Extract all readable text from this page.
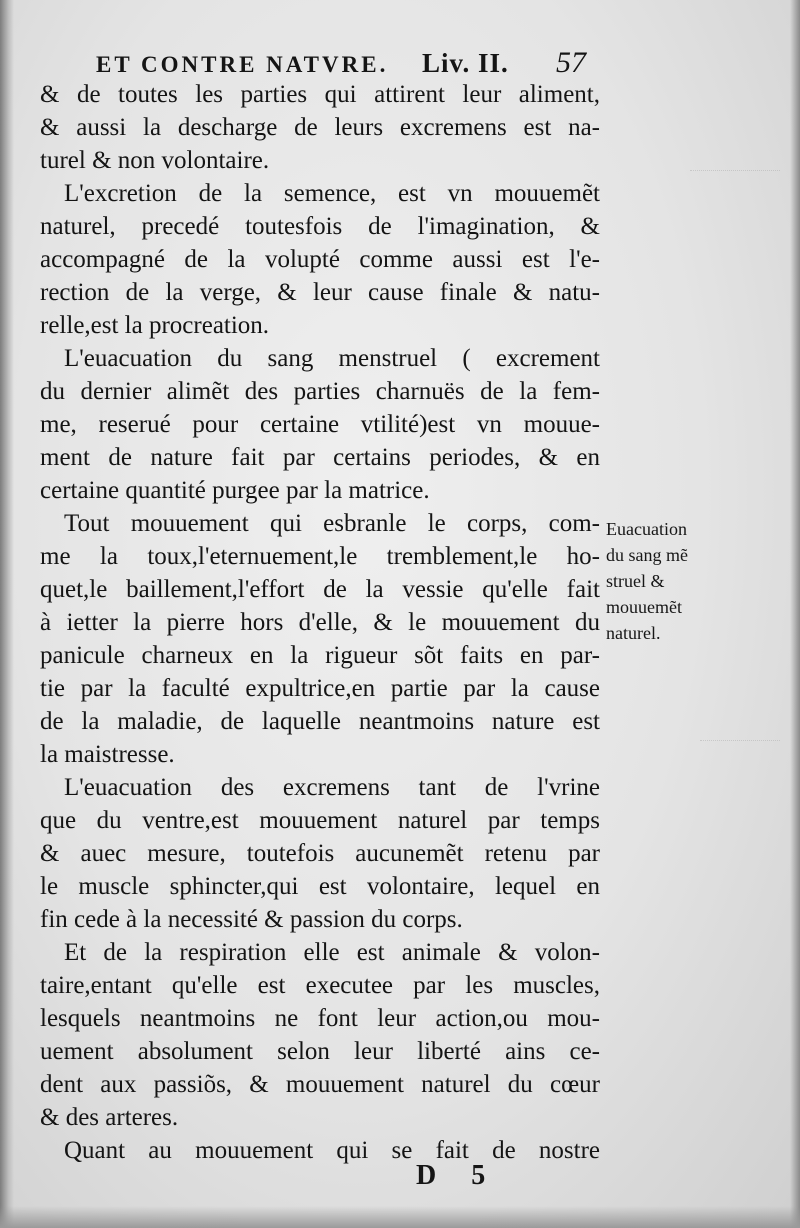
ET CONTRE NATVRE. Liv. II. 57
& de toutes les parties qui attirent leur aliment,
& aussi la descharge de leurs excremens est na-
turel & non volontaire.
L'excretion de la semence, est vn mouuemẽt
naturel, precedé toutesfois de l'imagination, &
accompagné de la volupté comme aussi est l'e-
rection de la verge, & leur cause finale & natu-
relle,est la procreation.
L'euacuation du sang menstruel ( excrement
du dernier alimẽt des parties charnuës de la fem-
me, reserué pour certaine vtilité)est vn mouue-
ment de nature fait par certains periodes, & en
certaine quantité purgee par la matrice.
Tout mouuement qui esbranle le corps, com-
me la toux,l'eternuement,le tremblement,le ho-
quet,le baillement,l'effort de la vessie qu'elle fait
à ietter la pierre hors d'elle, & le mouuement du
panicule charneux en la rigueur sõt faits en par-
tie par la faculté expultrice,en partie par la cause
de la maladie, de laquelle neantmoins nature est
la maistresse.
L'euacuation des excremens tant de l'vrine
que du ventre,est mouuement naturel par temps
& auec mesure, toutefois aucunemẽt retenu par
le muscle sphincter,qui est volontaire, lequel en
fin cede à la necessité & passion du corps.
Et de la respiration elle est animale & volon-
taire,entant qu'elle est executee par les muscles,
lesquels neantmoins ne font leur action,ou mou-
uement absolument selon leur liberté ains ce-
dent aux passiõs, & mouuement naturel du cœur
& des arteres.
Quant au mouuement qui se fait de nostre
Euacuation
du sang mẽ
struel &
mouuemẽt
naturel.
D 5
